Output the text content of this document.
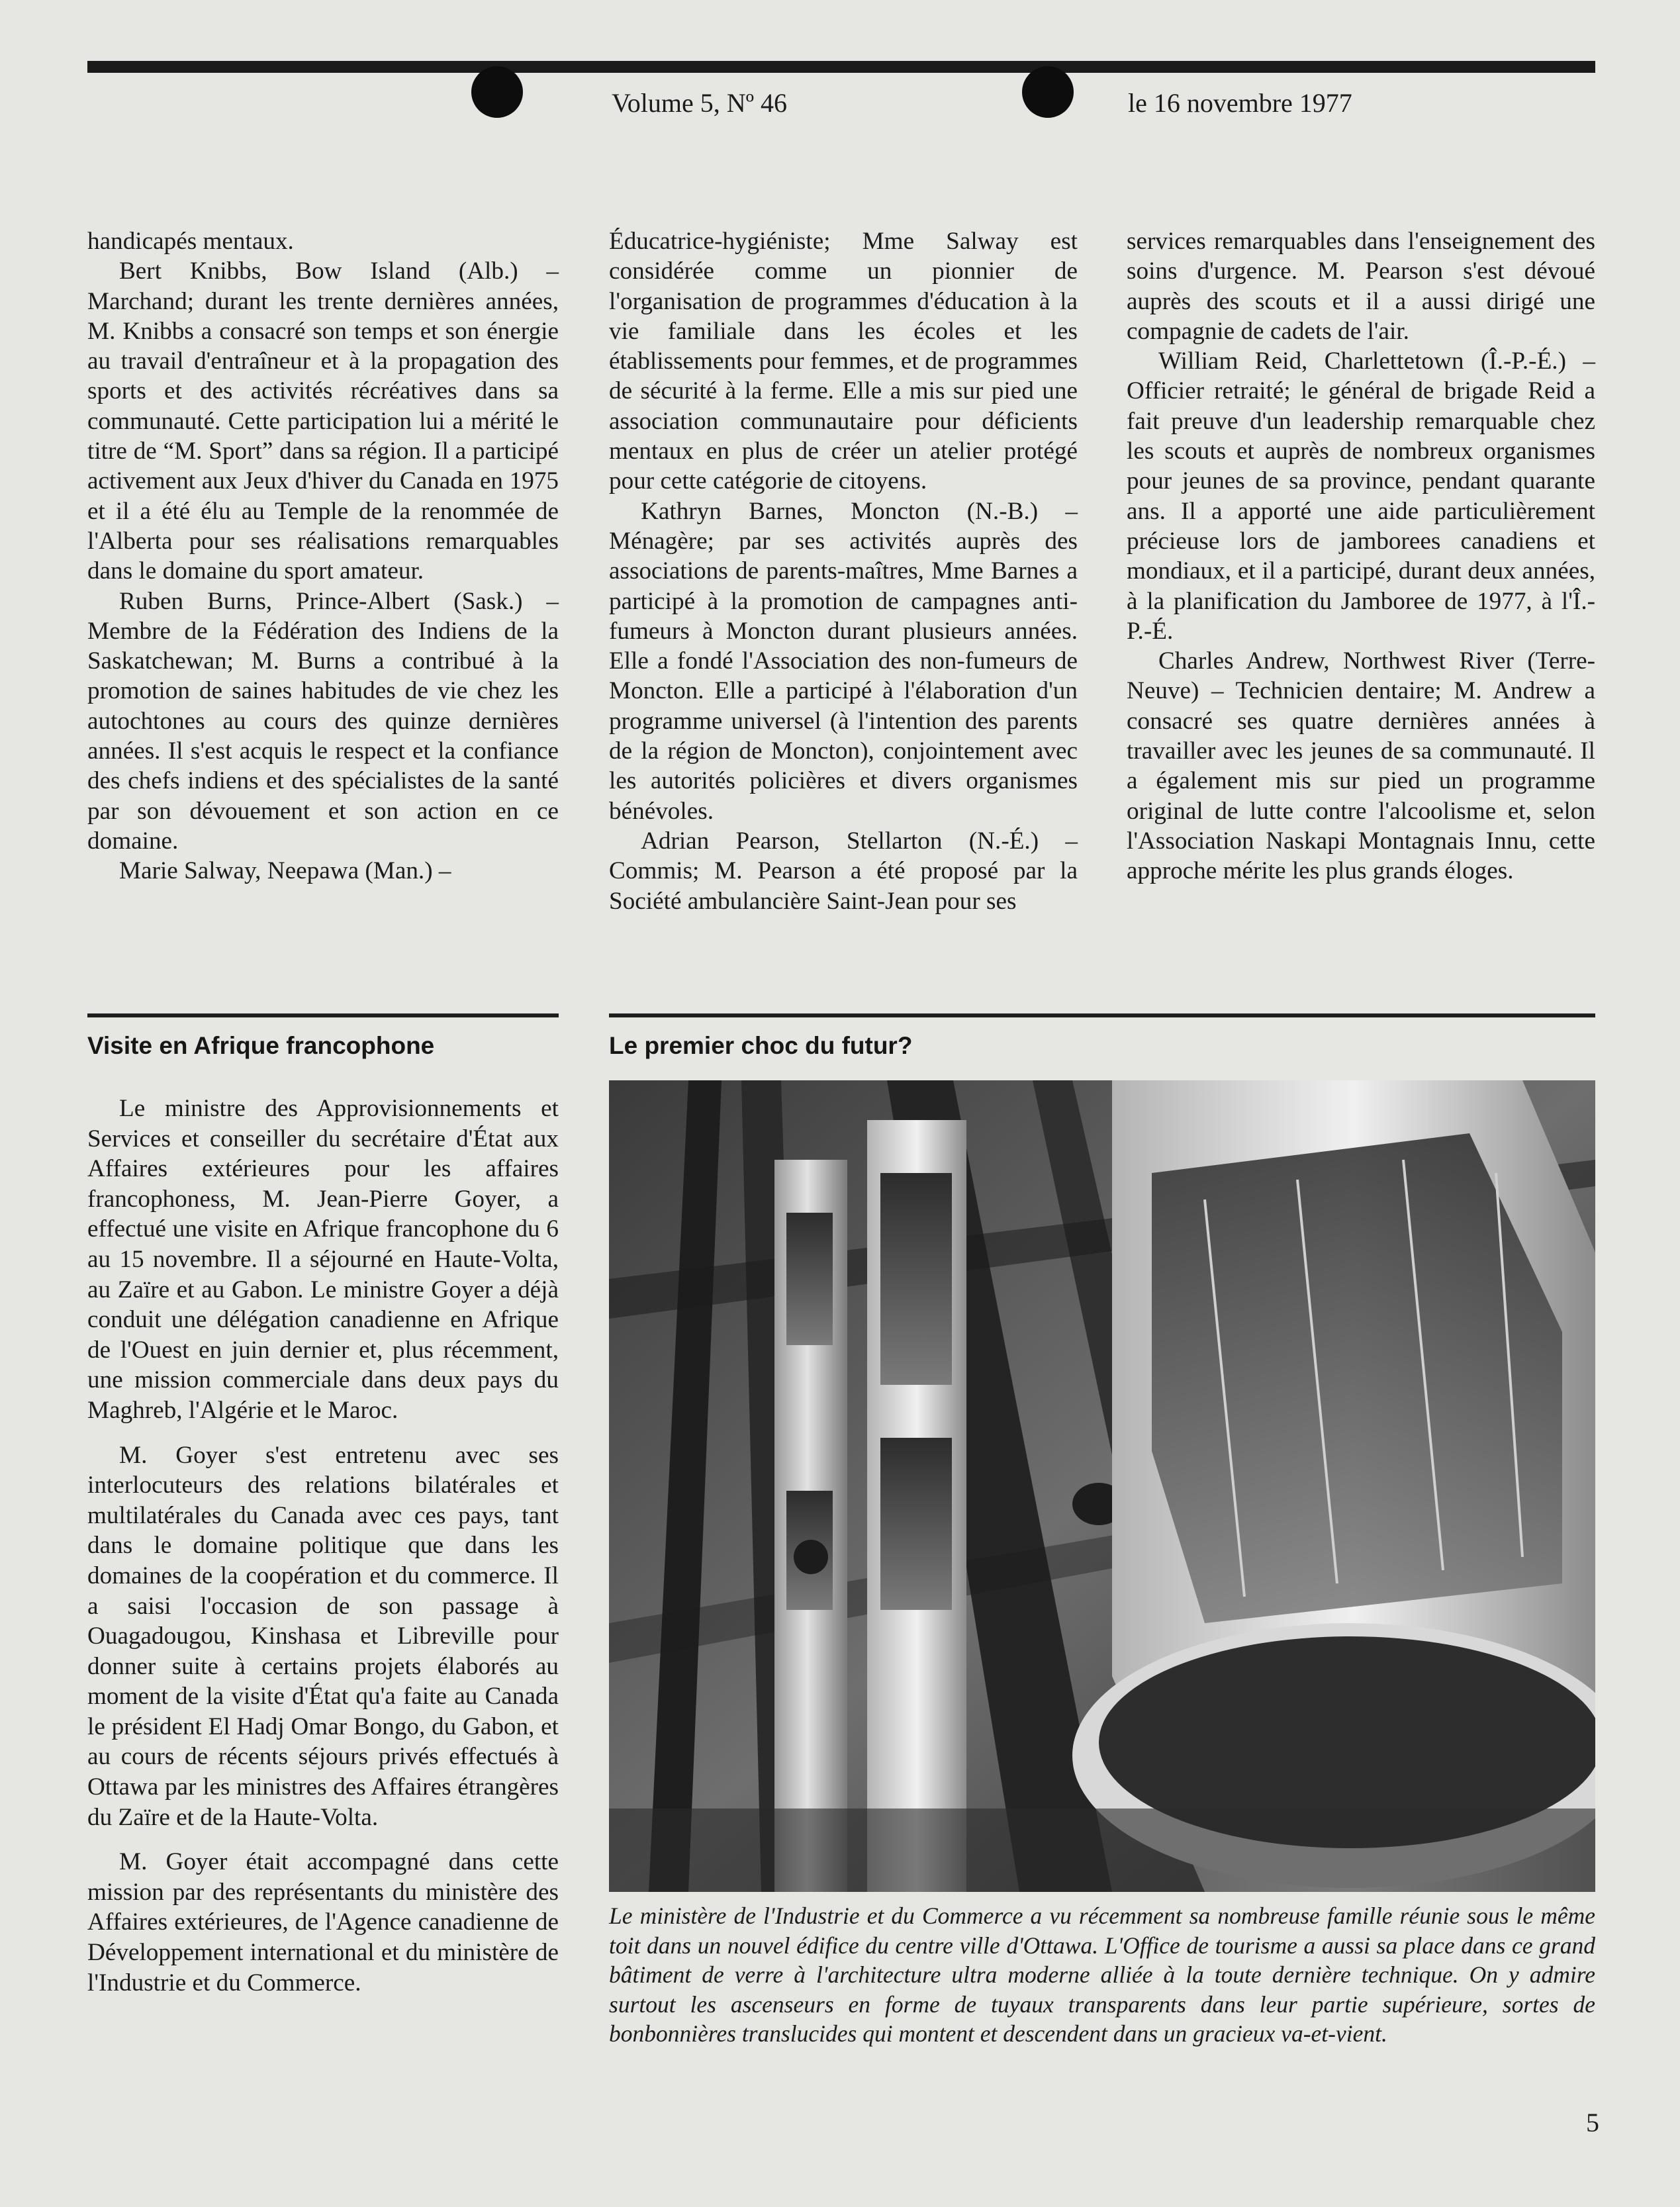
Volume 5, Nº 46	le 16 novembre 1977

handicapés mentaux.

Bert Knibbs, Bow Island (Alb.) – Marchand; durant les trente dernières années, M. Knibbs a consacré son temps et son énergie au travail d'entraîneur et à la propagation des sports et des activités récréatives dans sa communauté. Cette participation lui a mérité le titre de “M. Sport” dans sa région. Il a participé activement aux Jeux d'hiver du Canada en 1975 et il a été élu au Temple de la renommée de l'Alberta pour ses réalisations remarquables dans le domaine du sport amateur.

Ruben Burns, Prince-Albert (Sask.) – Membre de la Fédération des Indiens de la Saskatchewan; M. Burns a contribué à la promotion de saines habitudes de vie chez les autochtones au cours des quinze dernières années. Il s'est acquis le respect et la confiance des chefs indiens et des spécialistes de la santé par son dévouement et son action en ce domaine.

Marie Salway, Neepawa (Man.) –

Éducatrice-hygiéniste; Mme Salway est considérée comme un pionnier de l'organisation de programmes d'éducation à la vie familiale dans les écoles et les établissements pour femmes, et de programmes de sécurité à la ferme. Elle a mis sur pied une association communautaire pour déficients mentaux en plus de créer un atelier protégé pour cette catégorie de citoyens.

Kathryn Barnes, Moncton (N.-B.) – Ménagère; par ses activités auprès des associations de parents-maîtres, Mme Barnes a participé à la promotion de campagnes anti-fumeurs à Moncton durant plusieurs années. Elle a fondé l'Association des non-fumeurs de Moncton. Elle a participé à l'élaboration d'un programme universel (à l'intention des parents de la région de Moncton), conjointement avec les autorités policières et divers organismes bénévoles.

Adrian Pearson, Stellarton (N.-É.) – Commis; M. Pearson a été proposé par la Société ambulancière Saint-Jean pour ses

services remarquables dans l'enseignement des soins d'urgence. M. Pearson s'est dévoué auprès des scouts et il a aussi dirigé une compagnie de cadets de l'air.

William Reid, Charlettetown (Î.-P.-É.) – Officier retraité; le général de brigade Reid a fait preuve d'un leadership remarquable chez les scouts et auprès de nombreux organismes pour jeunes de sa province, pendant quarante ans. Il a apporté une aide particulièrement précieuse lors de jamborees canadiens et mondiaux, et il a participé, durant deux années, à la planification du Jamboree de 1977, à l'Î.-P.-É.

Charles Andrew, Northwest River (Terre-Neuve) – Technicien dentaire; M. Andrew a consacré ses quatre dernières années à travailler avec les jeunes de sa communauté. Il a également mis sur pied un programme original de lutte contre l'alcoolisme et, selon l'Association Naskapi Montagnais Innu, cette approche mérite les plus grands éloges.

Visite en Afrique francophone	Le premier choc du futur?

Le ministre des Approvisionnements et Services et conseiller du secrétaire d'État aux Affaires extérieures pour les affaires francophoness, M. Jean-Pierre Goyer, a effectué une visite en Afrique francophone du 6 au 15 novembre. Il a séjourné en Haute-Volta, au Zaïre et au Gabon. Le ministre Goyer a déjà conduit une délégation canadienne en Afrique de l'Ouest en juin dernier et, plus récemment, une mission commerciale dans deux pays du Maghreb, l'Algérie et le Maroc.

M. Goyer s'est entretenu avec ses interlocuteurs des relations bilatérales et multilatérales du Canada avec ces pays, tant dans le domaine politique que dans les domaines de la coopération et du commerce. Il a saisi l'occasion de son passage à Ouagadougou, Kinshasa et Libreville pour donner suite à certains projets élaborés au moment de la visite d'État qu'a faite au Canada le président El Hadj Omar Bongo, du Gabon, et au cours de récents séjours privés effectués à Ottawa par les ministres des Affaires étrangères du Zaïre et de la Haute-Volta.

M. Goyer était accompagné dans cette mission par des représentants du ministère des Affaires extérieures, de l'Agence canadienne de Développement international et du ministère de l'Industrie et du Commerce.

Le ministère de l'Industrie et du Commerce a vu récemment sa nombreuse famille réunie sous le même toit dans un nouvel édifice du centre ville d'Ottawa. L'Office de tourisme a aussi sa place dans ce grand bâtiment de verre à l'architecture ultra moderne alliée à la toute dernière technique. On y admire surtout les ascenseurs en forme de tuyaux transparents dans leur partie supérieure, sortes de bonbonnières translucides qui montent et descendent dans un gracieux va-et-vient.
5
